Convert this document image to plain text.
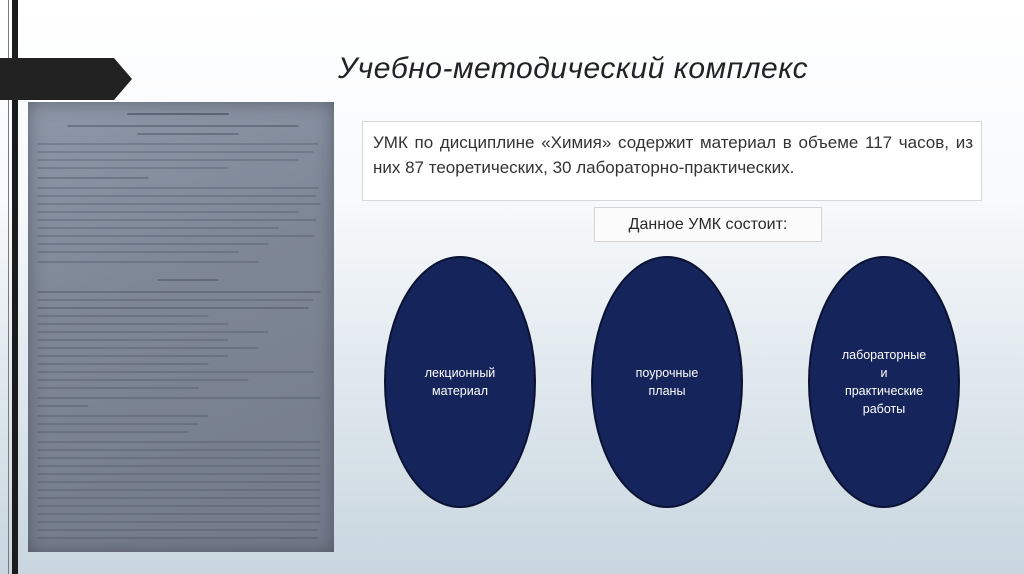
Учебно-методический комплекс

УМК по дисциплине «Химия» содержит материал в объеме 117 часов, из них 87 теоретических, 30 лабораторно-практических.

Данное УМК состоит:
лекционный
материал
поурочные
планы
лабораторные
и
практические
работы
